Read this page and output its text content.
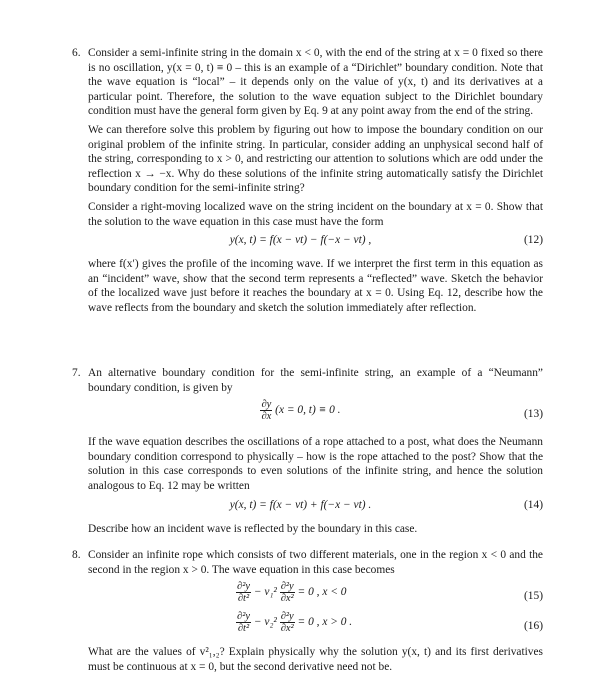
6. Consider a semi-infinite string in the domain x < 0, with the end of the string at x = 0 fixed so there is no oscillation, y(x = 0, t) ≡ 0 – this is an example of a “Dirichlet” boundary condition. Note that the wave equation is “local” – it depends only on the value of y(x, t) and its derivatives at a particular point. Therefore, the solution to the wave equation subject to the Dirichlet boundary condition must have the general form given by Eq. 9 at any point away from the end of the string.

We can therefore solve this problem by figuring out how to impose the boundary condition on our original problem of the infinite string. In particular, consider adding an unphysical second half of the string, corresponding to x > 0, and restricting our attention to solutions which are odd under the reflection x → −x. Why do these solutions of the infinite string automatically satisfy the Dirichlet boundary condition for the semi-infinite string?

Consider a right-moving localized wave on the string incident on the boundary at x = 0. Show that the solution to the wave equation in this case must have the form

y(x, t) = f(x − vt) − f(−x − vt) ,	(12)

where f(x′) gives the profile of the incoming wave. If we interpret the first term in this equation as an “incident” wave, show that the second term represents a “reflected” wave. Sketch the behavior of the localized wave just before it reaches the boundary at x = 0. Using Eq. 12, describe how the wave reflects from the boundary and sketch the solution immediately after reflection.

7. An alternative boundary condition for the semi-infinite string, an example of a “Neumann” boundary condition, is given by

$\frac{\partial y}{\partial x} (x = 0$, t) ≡ 0 .	(13)

If the wave equation describes the oscillations of a rope attached to a post, what does the Neumann boundary condition correspond to physically – how is the rope attached to the post? Show that the solution in this case corresponds to even solutions of the infinite string, and hence the solution analogous to Eq. 12 may be written

y(x, t) = f(x − vt) + f(−x − vt) .	(14)

Describe how an incident wave is reflected by the boundary in this case.

8. Consider an infinite rope which consists of two different materials, one in the region x < 0 and the second in the region x > 0. The wave equation in this case becomes

$\frac{\text{∂²y}}{\text{∂t²}} - v_1^2 \frac{\text{∂²y}}{\text{∂x²}} = 0$ , x < 0	(15)
$\frac{\text{∂²y}}{\text{∂t²}} - v_2^2 \frac{\text{∂²y}}{\text{∂x²}} = 0$ , x > 0 .	(16)

What are the values of v²₁,₂? Explain physically why the solution y(x, t) and its first derivatives must be continuous at x = 0, but the second derivative need not be.
